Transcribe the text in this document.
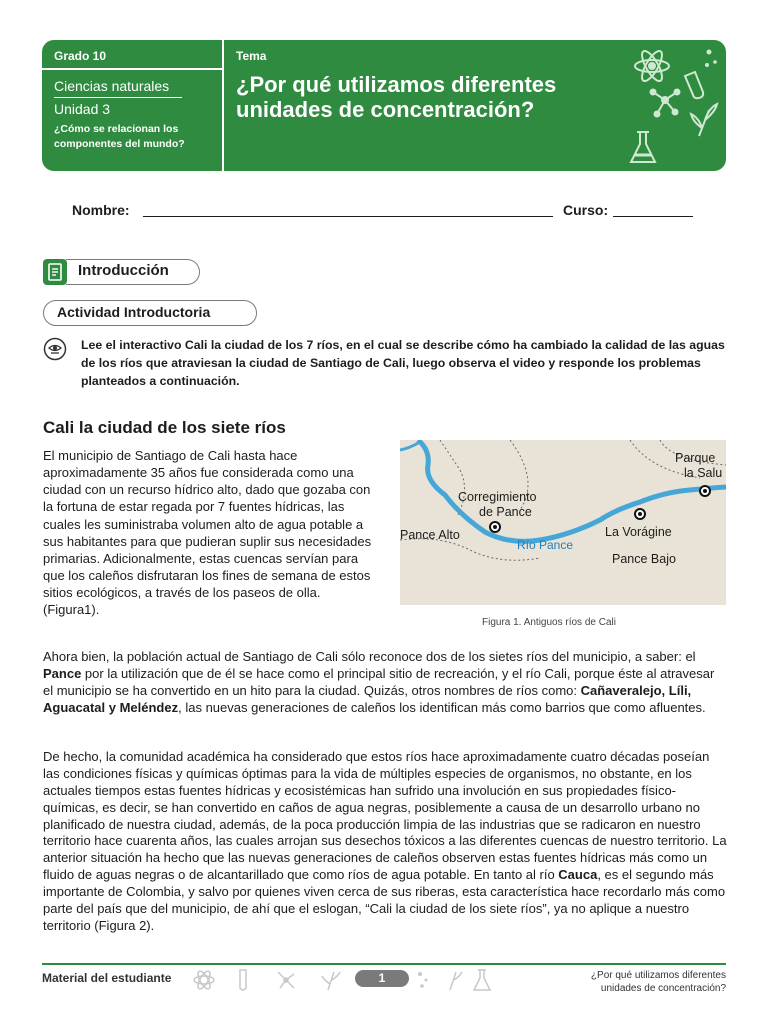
Grado 10
Ciencias naturales
Unidad 3
¿Cómo se relacionan los componentes del mundo?
Tema
¿Por qué utilizamos diferentes unidades de concentración?
Nombre:	Curso:
Introducción
Actividad Introductoria
Lee el interactivo Cali la ciudad de los 7 ríos, en el cual se describe cómo ha cambiado la calidad de las aguas de los ríos que atraviesan la ciudad de Santiago de Cali, luego observa el video y responde los problemas planteados a continuación.
Cali la ciudad de los siete ríos
El municipio de Santiago de Cali hasta hace aproximadamente 35 años fue considerada como una ciudad con un recurso hídrico alto, dado que gozaba con la fortuna de estar regada por 7 fuentes hídricas, las cuales les suministraba volumen alto de agua potable a sus habitantes para que pudieran suplir sus necesidades primarias. Adicionalmente, estas cuencas servían para que los caleños disfrutaran los fines de semana de estos sitios ecológicos, a través de los paseos de olla. (Figura1).
Corregimiento
de Pance
Pance Alto
Río Pance
La Vorágine
Pance Bajo
Parque
la Salu
Figura 1. Antiguos ríos de Cali
Ahora bien, la población actual de Santiago de Cali sólo reconoce dos de los sietes ríos del municipio, a saber: el Pance por la utilización que de él se hace como el principal sitio de recreación, y el río Cali, porque éste al atravesar el municipio se ha convertido en un hito para la ciudad. Quizás, otros nombres de ríos como: Cañaveralejo, Líli, Aguacatal y Meléndez, las nuevas generaciones de caleños los identifican más como barrios que como afluentes.
De hecho, la comunidad académica ha considerado que estos ríos hace aproximadamente cuatro décadas poseían las condiciones físicas y químicas óptimas para la vida de múltiples especies de organismos, no obstante, en los actuales tiempos estas fuentes hídricas y ecosistémicas han sufrido una involución en sus propiedades físico-químicas, es decir, se han convertido en caños de agua negras, posiblemente a causa de un desarrollo urbano no planificado de nuestra ciudad, además, de la poca producción limpia de las industrias que se radicaron en nuestro territorio hace cuarenta años, las cuales arrojan sus desechos tóxicos a las diferentes cuencas de nuestro territorio. La anterior situación ha hecho que las nuevas generaciones de caleños observen estas fuentes hídricas más como un fluido de aguas negras o de alcantarillado que como ríos de agua potable. En tanto al río Cauca, es el segundo más importante de Colombia, y salvo por quienes viven cerca de sus riberas, esta característica hace recordarlo más como parte del país que del municipio, de ahí que el eslogan, “Cali la ciudad de los siete ríos”, ya no aplique a nuestro territorio (Figura 2).
Material del estudiante	1	¿Por qué utilizamos diferentes
unidades de concentración?
